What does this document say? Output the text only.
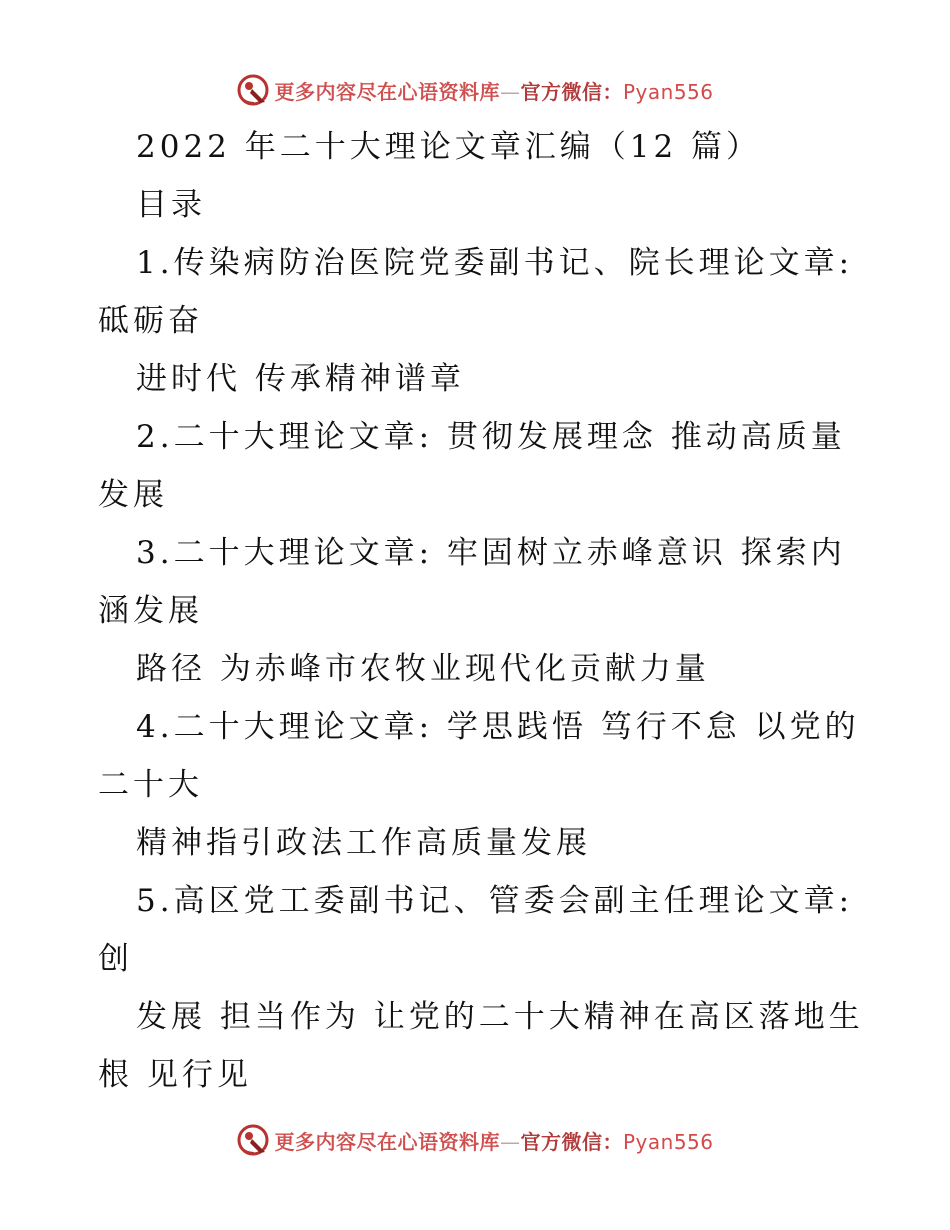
更多内容尽在心语资料库—官方微信：Pyan556
2022 年二十大理论文章汇编（12 篇）
目录
1.传染病防治医院党委副书记、院长理论文章:
砥砺奋
进时代 传承精神谱章
2.二十大理论文章: 贯彻发展理念 推动高质量
发展
3.二十大理论文章: 牢固树立赤峰意识 探索内
涵发展
路径 为赤峰市农牧业现代化贡献力量
4.二十大理论文章: 学思践悟 笃行不怠 以党的
二十大
精神指引政法工作高质量发展
5.高区党工委副书记、管委会副主任理论文章:
创
发展 担当作为 让党的二十大精神在高区落地生
根 见行见
更多内容尽在心语资料库—官方微信：Pyan556
